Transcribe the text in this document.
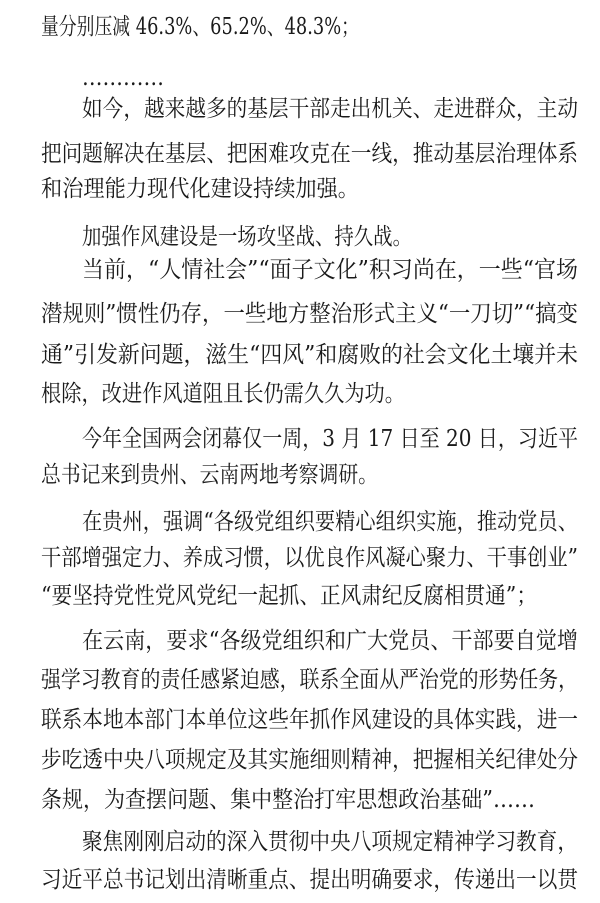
量分别压减 46.3%、65.2%、48.3%；
…………
如今，越来越多的基层干部走出机关、走进群众，主动
把问题解决在基层、把困难攻克在一线，推动基层治理体系
和治理能力现代化建设持续加强。
加强作风建设是一场攻坚战、持久战。
当前，“人情社会”“面子文化”积习尚在，一些“官场
潜规则”惯性仍存，一些地方整治形式主义“一刀切”“搞变
通”引发新问题，滋生“四风”和腐败的社会文化土壤并未
根除，改进作风道阻且长仍需久久为功。
今年全国两会闭幕仅一周，3 月 17 日至 20 日，习近平
总书记来到贵州、云南两地考察调研。
在贵州，强调“各级党组织要精心组织实施，推动党员、
干部增强定力、养成习惯，以优良作风凝心聚力、干事创业”
“要坚持党性党风党纪一起抓、正风肃纪反腐相贯通”；
在云南，要求“各级党组织和广大党员、干部要自觉增
强学习教育的责任感紧迫感，联系全面从严治党的形势任务，
联系本地本部门本单位这些年抓作风建设的具体实践，进一
步吃透中央八项规定及其实施细则精神，把握相关纪律处分
条规，为查摆问题、集中整治打牢思想政治基础”……
聚焦刚刚启动的深入贯彻中央八项规定精神学习教育，
习近平总书记划出清晰重点、提出明确要求，传递出一以贯
